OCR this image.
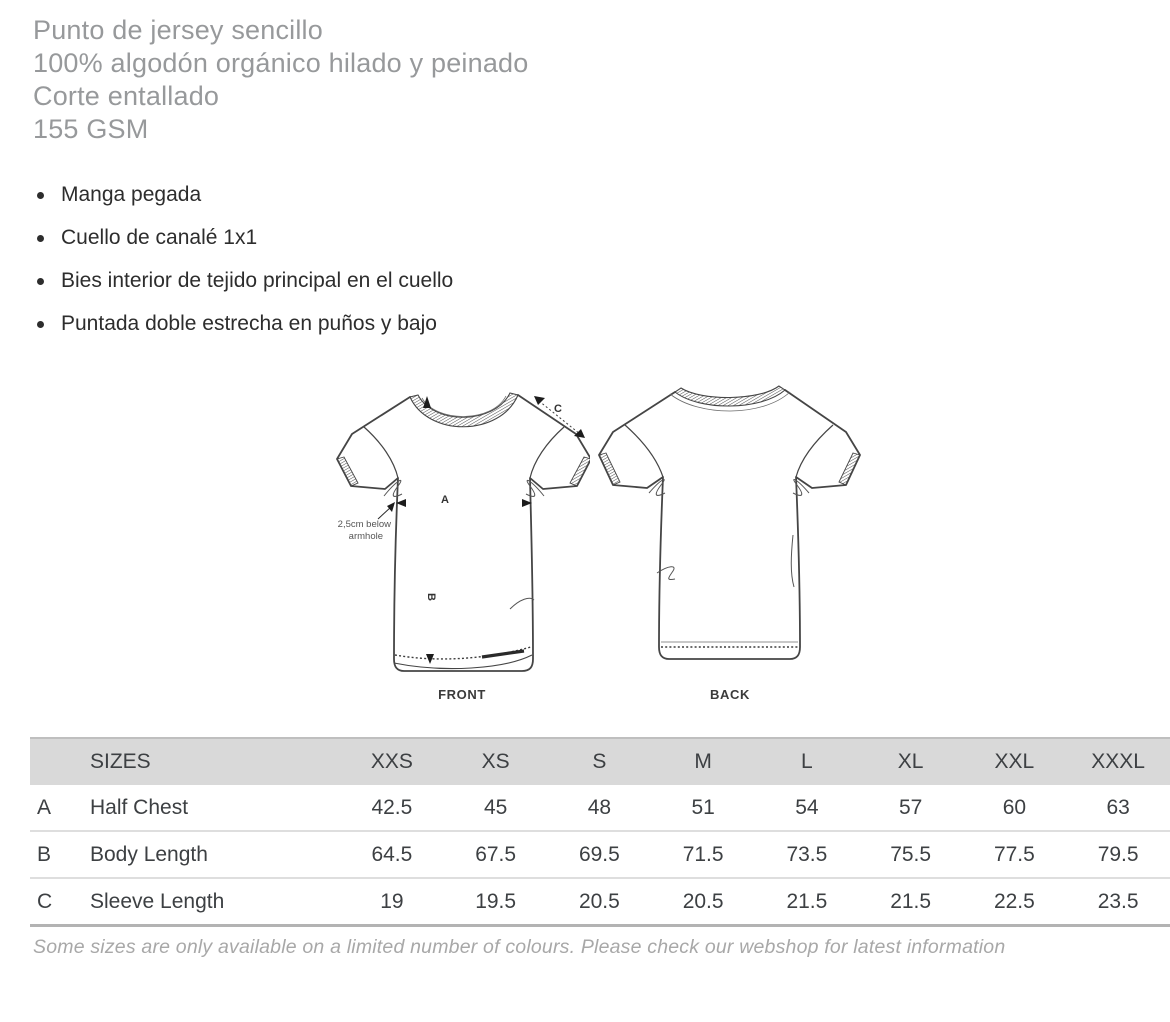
Punto de jersey sencillo
100% algodón orgánico hilado y peinado
Corte entallado
155 GSM
Manga pegada
Cuello de canalé 1x1
Bies interior de tejido principal en el cuello
Puntada doble estrecha en puños y bajo
A
B
C
2,5cm below
armhole
FRONT	BACK
SIZES	XXS	XS	S	M	L	XL	XXL	XXXL
A	Half Chest	42.5	45	48	51	54	57	60	63
B	Body Length	64.5	67.5	69.5	71.5	73.5	75.5	77.5	79.5
C	Sleeve Length	19	19.5	20.5	20.5	21.5	21.5	22.5	23.5
Some sizes are only available on a limited number of colours. Please check our webshop for latest information
